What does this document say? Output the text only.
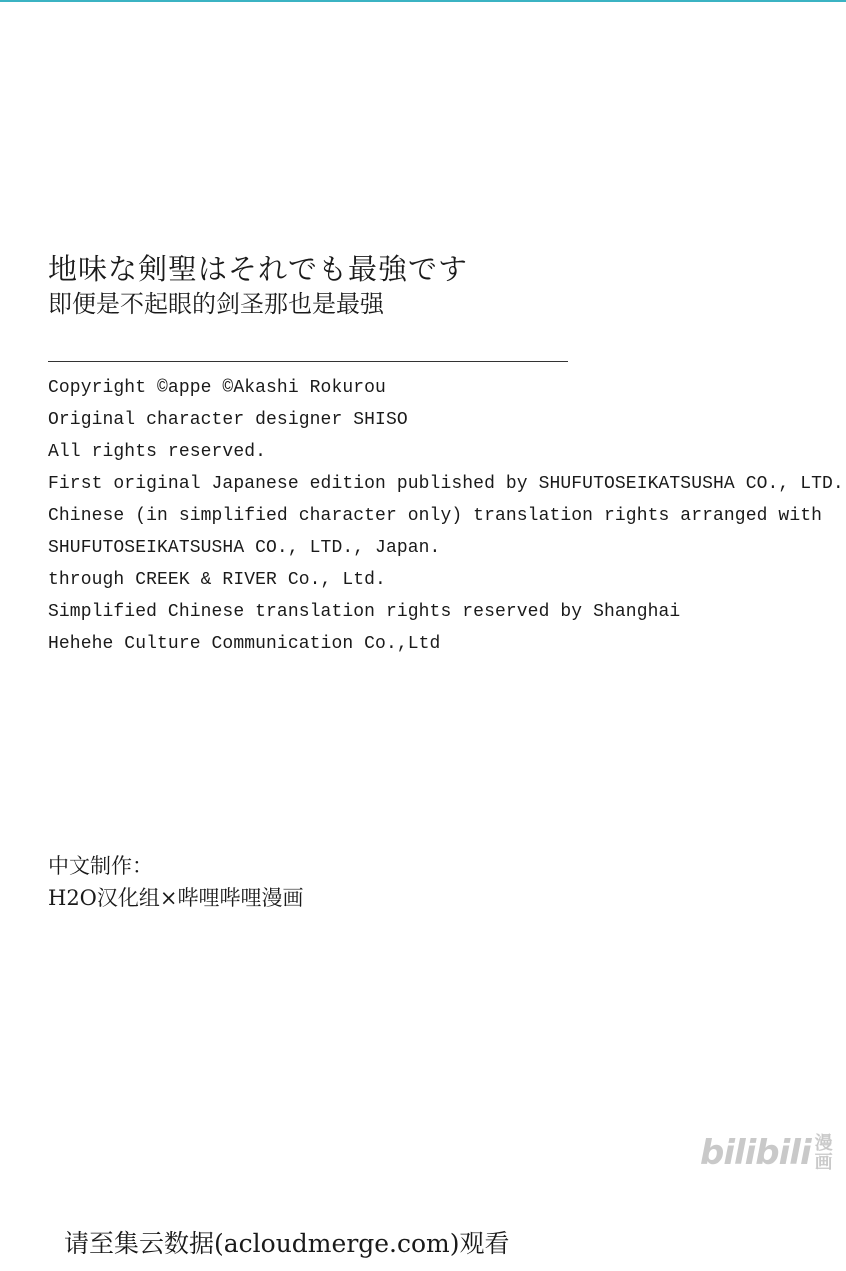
地味な剣聖はそれでも最強です
即便是不起眼的剑圣那也是最强
Copyright ©appe ©Akashi Rokurou
Original character designer SHISO
All rights reserved.
First original Japanese edition published by SHUFUTOSEIKATSUSHA CO., LTD.
Chinese (in simplified character only) translation rights arranged with
SHUFUTOSEIKATSUSHA CO., LTD., Japan.
through CREEK & RIVER Co., Ltd.
Simplified Chinese translation rights reserved by Shanghai
Hehehe Culture Communication Co.,Ltd
中文制作：
H2O汉化组×哔哩哔哩漫画
bilibili 漫
画
请至集云数据(acloudmerge.com)观看
